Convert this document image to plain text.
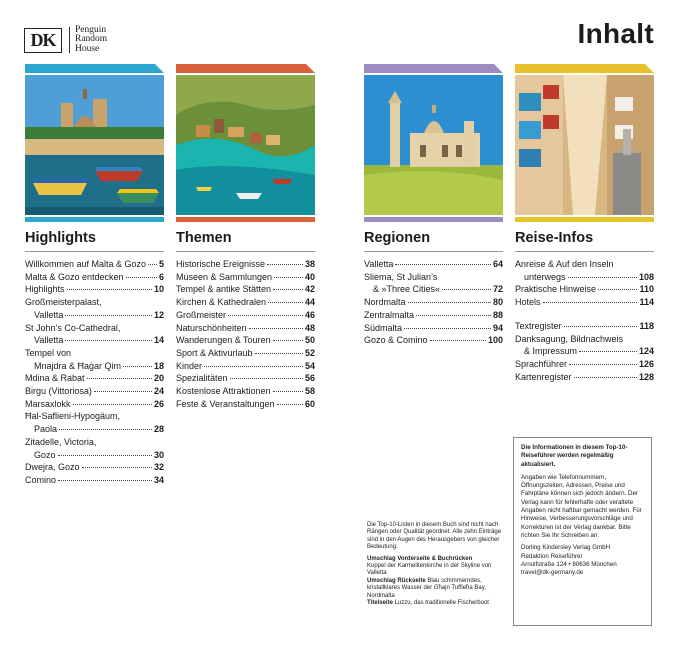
DK	Penguin
Random
House	Inhalt
Highlights
Willkommen auf Malta & Gozo 5
Malta & Gozo entdecken	6
Highlights	10
Großmeisterpalast,
Valletta	12
St John’s Co-Cathedral,
Valletta	14
Tempel von
Mnajdra & Ħaġar Qim	18
Mdina & Rabat	20
Birgu (Vittoriosa)	24
Marsaxlokk	26
Ħal-Saflieni-Hypogäum,
Paola	28
Zitadelle, Victoria,
Gozo	30
Dwejra, Gozo	32
Comino	34
Themen
Historische Ereignisse	38
Museen & Sammlungen	40
Tempel & antike Stätten	42
Kirchen & Kathedralen	44
Großmeister	46
Naturschönheiten	48
Wanderungen & Touren	50
Sport & Aktivurlaub	52
Kinder	54
Spezialitäten	56
Kostenlose Attraktionen	58
Feste & Veranstaltungen	60
Regionen
Valletta	64
Sliema, St Julian’s
& »Three Cities«	72
Nordmalta	80
Zentralmalta	88
Südmalta	94
Gozo & Comino	100
Reise-Infos
Anreise & Auf den Inseln
unterwegs	108
Praktische Hinweise	110
Hotels	114
Textregister	118
Danksagung, Bildnachweis
& Impressum	124
Sprachführer	126
Kartenregister	128

Die Top-10-Listen in diesem Buch sind nicht nach Rängen oder Qualität geordnet. Alle zehn Einträge sind in den Augen des Herausgebers von gleicher Bedeutung.

Umschlag Vorderseite & Buchrücken
Kuppel der Karmelitenkirche in der Skyline von Valletta

Umschlag Rückseite Blau schimmerndes, kristallklares Wasser der Għajn Tuffieħa Bay, Nordmalta

Titelseite Luzzu, das traditionelle Fischerboot

Die Informationen in diesem Top-10-Reiseführer werden regelmäßig aktualisiert.

Angaben wie Telefonnummern, Öffnungszeiten, Adressen, Preise und Fahrpläne können sich jedoch ändern. Der Verlag kann für fehlerhafte oder veraltete Angaben nicht haftbar gemacht werden. Für Hinweise, Verbesserungsvorschläge und Korrekturen ist der Verlag dankbar. Bitte richten Sie Ihr Schreiben an:

Dorling Kindersley Verlag GmbH

Redaktion Reiseführer

Arnulfstraße 124 • 80636 München

travel@dk-germany.de
